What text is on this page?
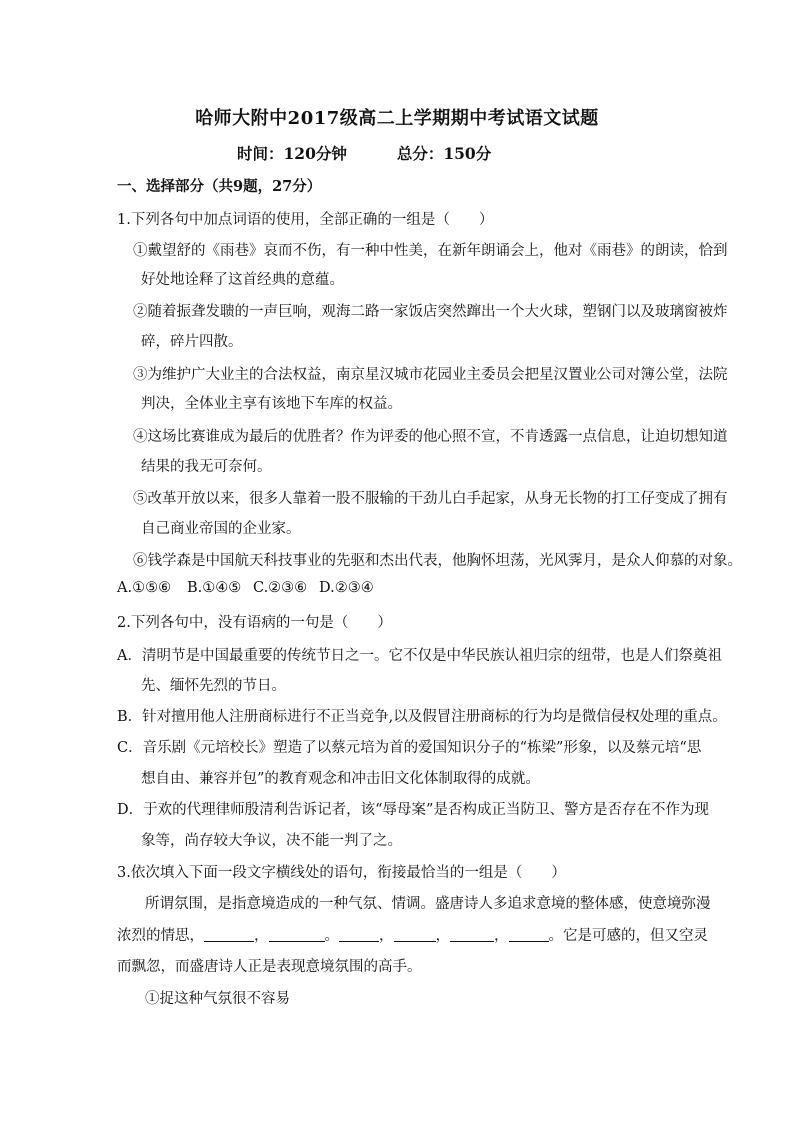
哈师大附中2017级高二上学期期中考试语文试题
时间：120分钟	总分：150分
一、选择部分（共9题，27分）
1.下列各句中加点词语的使用，全部正确的一组是（　　）
①戴望舒的《雨巷》哀而不伤，有一种中性美，在新年朗诵会上，他对《雨巷》的朗读，恰到
好处地诠释了这首经典的意蕴。
②随着振聋发聩的一声巨响，观海二路一家饭店突然蹿出一个大火球，塑钢门以及玻璃窗被炸
碎，碎片四散。
③为维护广大业主的合法权益，南京星汉城市花园业主委员会把星汉置业公司对簿公堂，法院
判决，全体业主享有该地下车库的权益。
④这场比赛谁成为最后的优胜者？作为评委的他心照不宣，不肯透露一点信息，让迫切想知道
结果的我无可奈何。
⑤改革开放以来，很多人靠着一股不服输的干劲儿白手起家，从身无长物的打工仔变成了拥有
自己商业帝国的企业家。
⑥钱学森是中国航天科技事业的先驱和杰出代表，他胸怀坦荡，光风霁月，是众人仰慕的对象。
A.①⑤⑥ B.①④⑤ C.②③⑥ D.②③④
2.下列各句中，没有语病的一句是（　　）
A．清明节是中国最重要的传统节日之一。它不仅是中华民族认祖归宗的纽带，也是人们祭奠祖
先、缅怀先烈的节日。
B．针对擅用他人注册商标进行不正当竞争,以及假冒注册商标的行为均是微信侵权处理的重点。
C．音乐剧《元培校长》塑造了以蔡元培为首的爱国知识分子的“栋梁”形象，以及蔡元培“思
想自由、兼容并包”的教育观念和冲击旧文化体制取得的成就。
D．于欢的代理律师殷清利告诉记者，该“辱母案”是否构成正当防卫、警方是否存在不作为现
象等，尚存较大争议，决不能一判了之。
3.依次填入下面一段文字横线处的语句，衔接最恰当的一组是（　　）
所谓氛围，是指意境造成的一种气氛、情调。盛唐诗人多追求意境的整体感，使意境弥漫
浓烈的情思，	，	。	，	，	，	。它是可感的，但又空灵
而飘忽，而盛唐诗人正是表现意境氛围的高手。
①捉这种气氛很不容易
